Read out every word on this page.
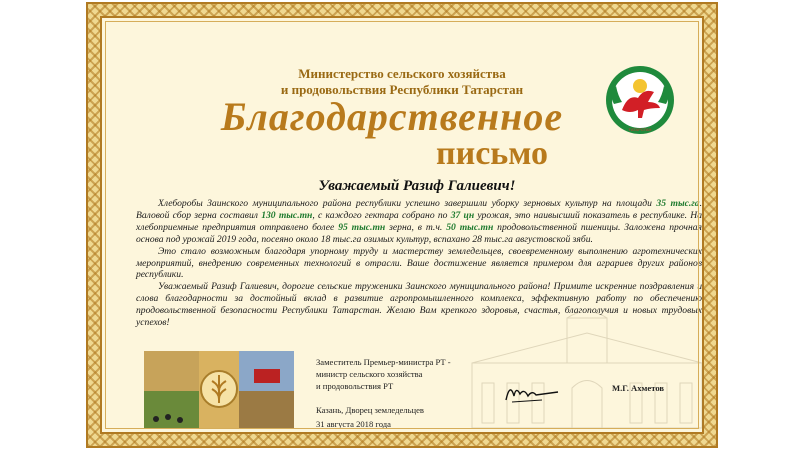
Министерство сельского хозяйства
и продовольствия Республики Татарстан
Благодарственное
письмо
ТАТАРСТАН
Уважаемый Разиф Галиевич!

Хлеборобы Заинского муниципального района республики успешно завершили уборку зерновых культур на площади 35 тыс.га. Валовой сбор зерна составил 130 тыс.тн, с каждого гектара собрано по 37 цн урожая, это наивысший показатель в республике. На хлебоприемные предприятия отправлено более 95 тыс.тн зерна, в т.ч. 50 тыс.тн продовольственной пшеницы. Заложена прочная основа под урожай 2019 года, посеяно около 18 тыс.га озимых культур, вспахано 28 тыс.га августовской зяби.

Это стало возможным благодаря упорному труду и мастерству земледельцев, своевременному выполнению агротехнических мероприятий, внедрению современных технологий в отрасли. Ваше достижение является примером для аграриев других районов республики.

Уважаемый Разиф Галиевич, дорогие сельские труженики Заинского муниципального района! Примите искренние поздравления и слова благодарности за достойный вклад в развитие агропромышленного комплекса, эффективную работу по обеспечению продовольственной безопасности Республики Татарстан. Желаю Вам крепкого здоровья, счастья, благополучия и новых трудовых успехов!

Заместитель Премьер-министра РТ -
министр сельского хозяйства
и продовольствия РТ	М.Г. Ахметов
Казань, Дворец земледельцев
31 августа 2018 года
